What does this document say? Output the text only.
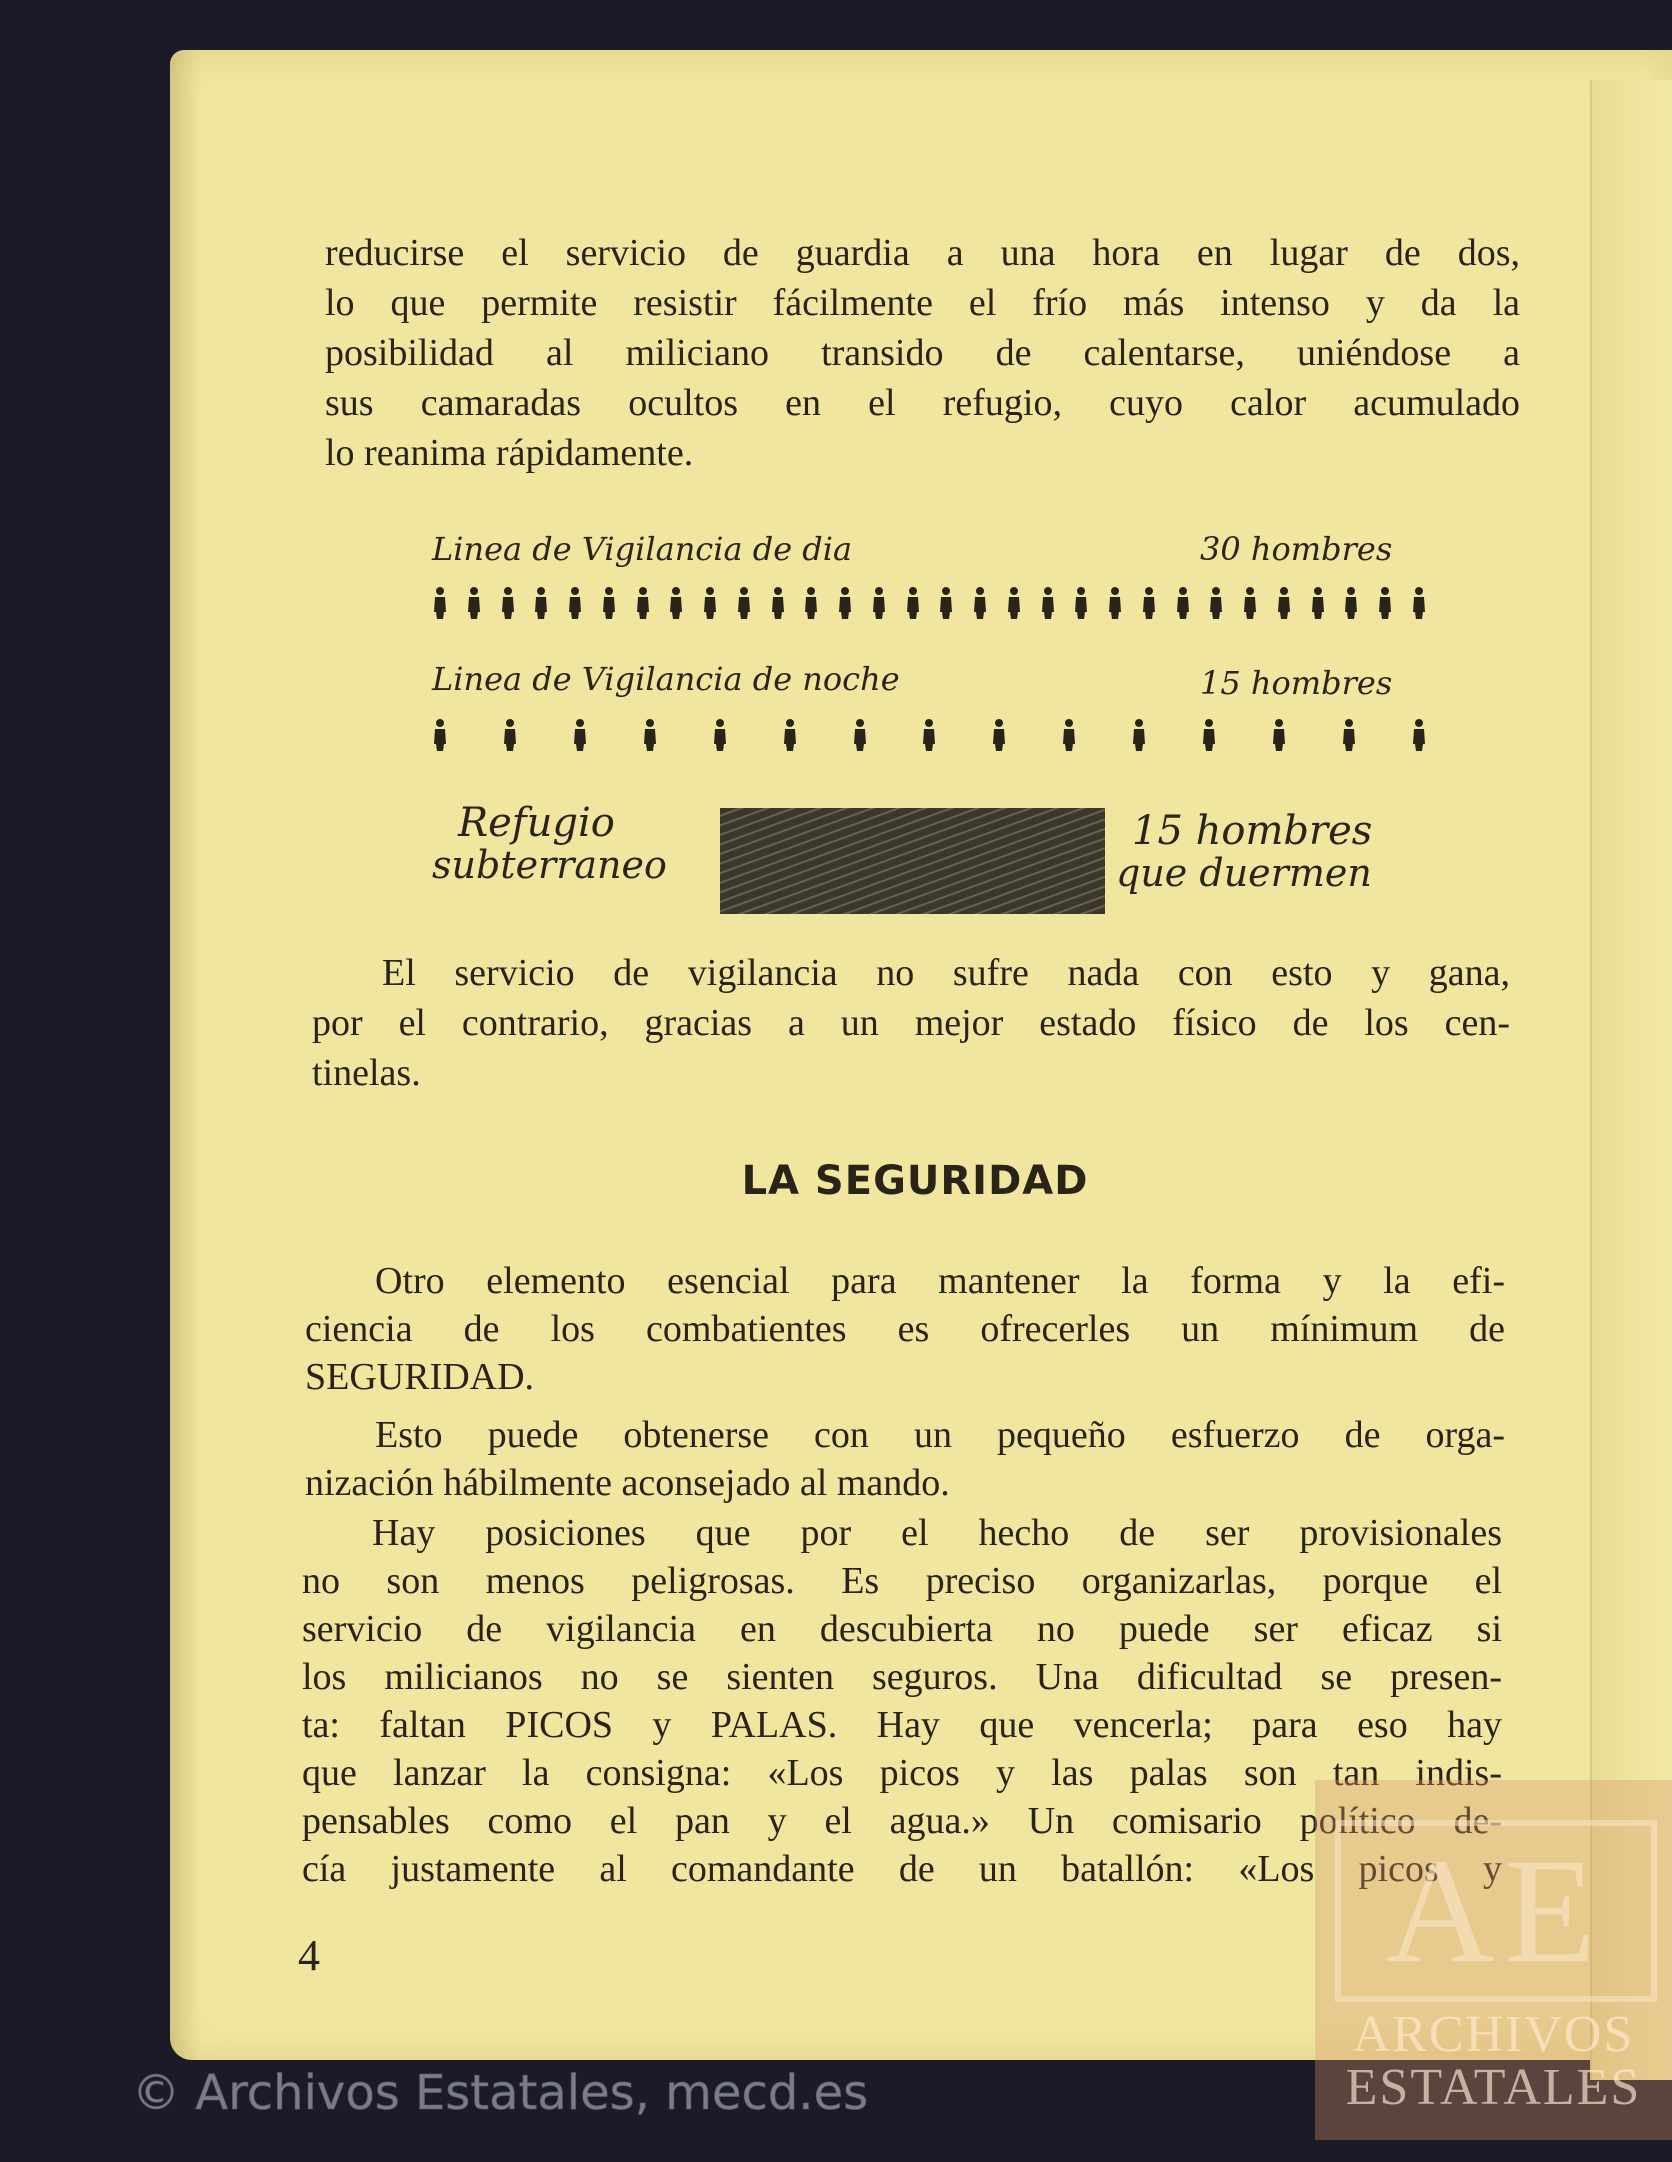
reducirse el servicio de guardia a una hora en lugar de dos,
lo que permite resistir fácilmente el frío más intenso y da la
posibilidad al miliciano transido de calentarse, uniéndose a
sus camaradas ocultos en el refugio, cuyo calor acumulado
lo reanima rápidamente.
Linea de Vigilancia de dia	30 hombres
Linea de Vigilancia de noche	15 hombres
Refugio
subterraneo
15 hombres
que duermen
El servicio de vigilancia no sufre nada con esto y gana,
por el contrario, gracias a un mejor estado físico de los cen-
tinelas.
LA SEGURIDAD
Otro elemento esencial para mantener la forma y la efi-
ciencia de los combatientes es ofrecerles un mínimum de
SEGURIDAD.
Esto puede obtenerse con un pequeño esfuerzo de orga-
nización hábilmente aconsejado al mando.
Hay posiciones que por el hecho de ser provisionales
no son menos peligrosas. Es preciso organizarlas, porque el
servicio de vigilancia en descubierta no puede ser eficaz si
los milicianos no se sienten seguros. Una dificultad se presen-
ta: faltan PICOS y PALAS. Hay que vencerla; para eso hay
que lanzar la consigna: «Los picos y las palas son tan indis-
pensables como el pan y el agua.» Un comisario político de-
cía justamente al comandante de un batallón: «Los picos y
4	AE
ARCHIVOS
ESTATALES
© Archivos Estatales, mecd.es
